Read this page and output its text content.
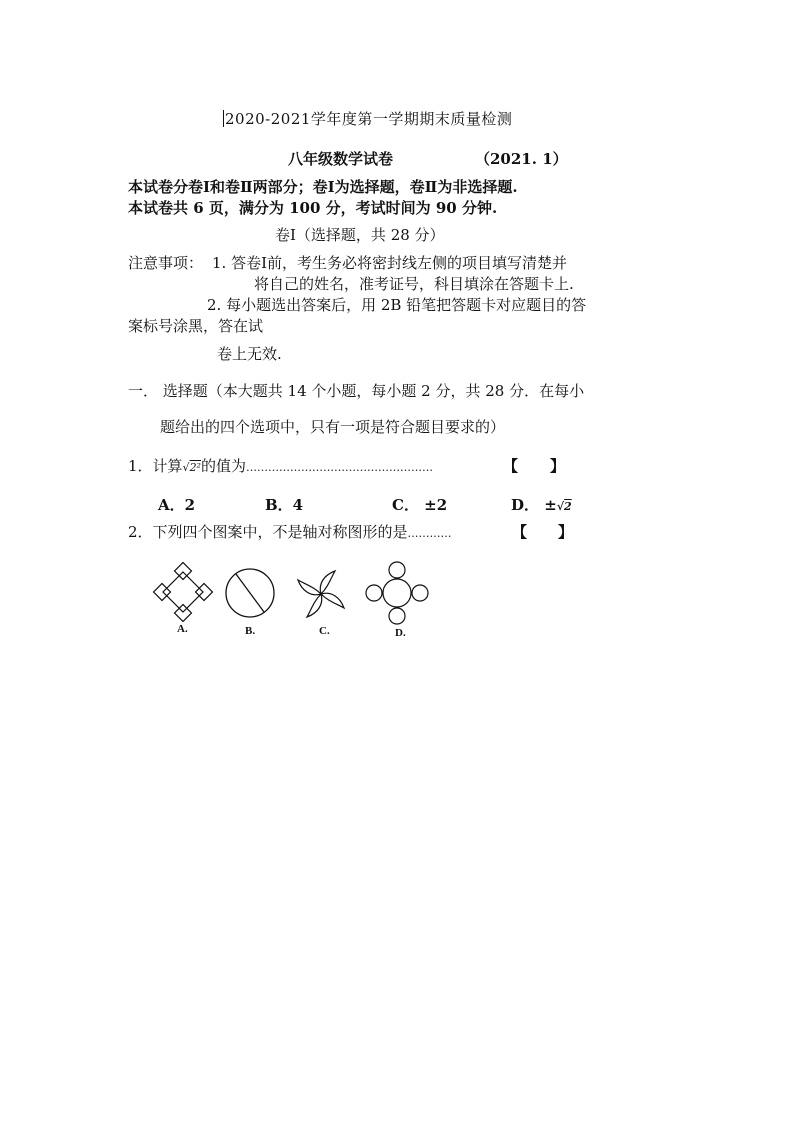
2020-2021学年度第一学期期末质量检测
八年级数学试卷	（2021. 1）
本试卷分卷Ⅰ和卷Ⅱ两部分；卷Ⅰ为选择题，卷Ⅱ为非选择题.
本试卷共 6 页，满分为 100 分，考试时间为 90 分钟.
卷Ⅰ（选择题，共 28 分）
注意事项： 1. 答卷Ⅰ前，考生务必将密封线左侧的项目填写清楚并
将自己的姓名，准考证号，科目填涂在答题卡上.
2. 每小题选出答案后，用 2B 铅笔把答题卡对应题目的答
案标号涂黑，答在试
卷上无效.
一． 选择题（本大题共 14 个小题，每小题 2 分，共 28 分．在每小
题给出的四个选项中，只有一项是符合题目要求的）
1．计算√2²的值为……………………………………………	【 】
A．2	B．4	C． ±2	D． ±√2
2．下列四个图案中，不是轴对称图形的是…………	【 】
A.	B.	C.	D.
